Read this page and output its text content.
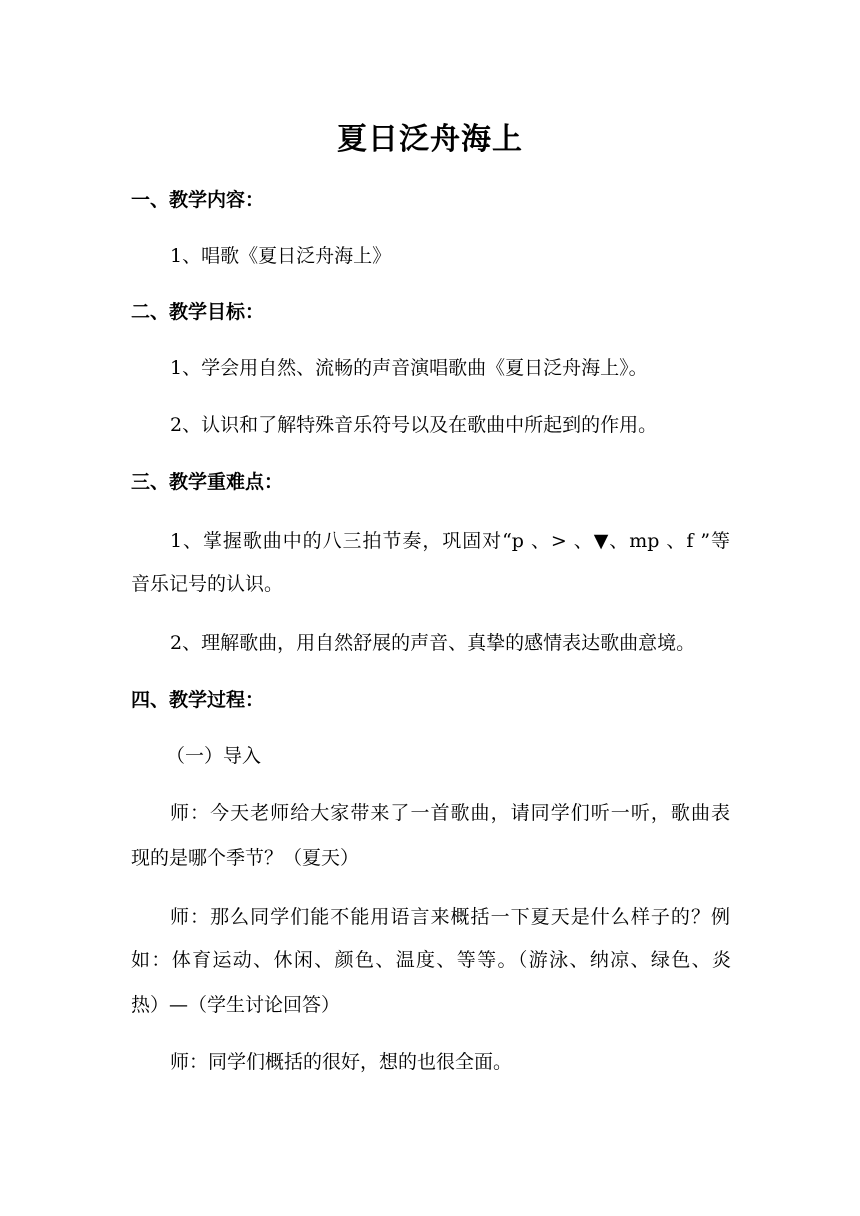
夏日泛舟海上
一、教学内容：
1、唱歌《夏日泛舟海上》
二、教学目标：
1、学会用自然、流畅的声音演唱歌曲《夏日泛舟海上》。
2、认识和了解特殊音乐符号以及在歌曲中所起到的作用。
三、教学重难点：
1、掌握歌曲中的八三拍节奏，巩固对“p 、> 、▼、mp 、f ”等
音乐记号的认识。
2、理解歌曲，用自然舒展的声音、真挚的感情表达歌曲意境。
四、教学过程：
（一）导入
师：今天老师给大家带来了一首歌曲，请同学们听一听，歌曲表
现的是哪个季节？（夏天）
师：那么同学们能不能用语言来概括一下夏天是什么样子的？例
如：体育运动、休闲、颜色、温度、等等。（游泳、纳凉、绿色、炎
热）—（学生讨论回答）
师：同学们概括的很好，想的也很全面。
